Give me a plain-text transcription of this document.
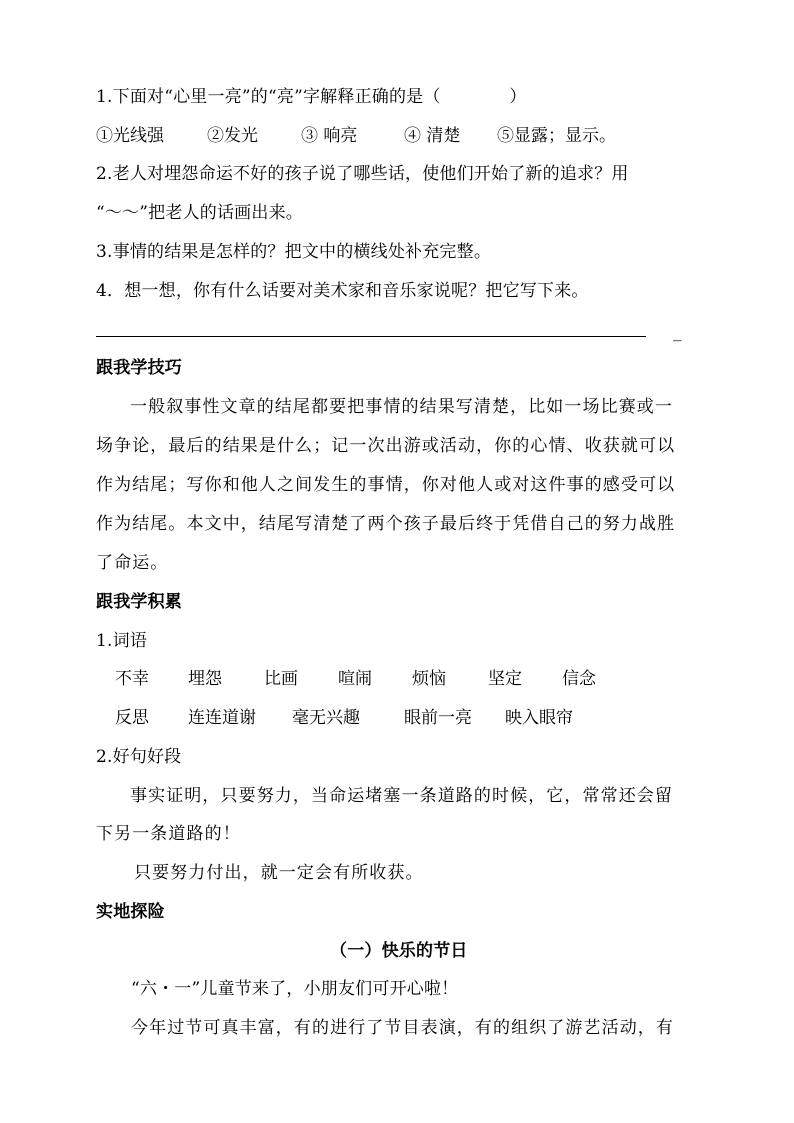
1.下面对“心里一亮”的“亮”字解释正确的是（　　　　）
①光线强	②发光	③ 响亮	④ 清楚 ⑤显露；显示。
2.老人对埋怨命运不好的孩子说了哪些话，使他们开始了新的追求？用
“～～”把老人的话画出来。
3.事情的结果是怎样的？把文中的横线处补充完整。
4．想一想，你有什么话要对美术家和音乐家说呢？把它写下来。
_
跟我学技巧
一般叙事性文章的结尾都要把事情的结果写清楚，比如一场比赛或一
场争论，最后的结果是什么；记一次出游或活动，你的心情、收获就可以
作为结尾；写你和他人之间发生的事情，你对他人或对这件事的感受可以
作为结尾。本文中，结尾写清楚了两个孩子最后终于凭借自己的努力战胜
了命运。
跟我学积累
1.词语
不幸 埋怨 比画 喧闹 烦恼 坚定 信念
反思 连连道谢 毫无兴趣	眼前一亮 映入眼帘
2.好句好段
事实证明，只要努力，当命运堵塞一条道路的时候，它，常常还会留
下另一条道路的！
只要努力付出，就一定会有所收获。
实地探险
（一）快乐的节日
“六・一”儿童节来了，小朋友们可开心啦！
今年过节可真丰富，有的进行了节目表演，有的组织了游艺活动，有
